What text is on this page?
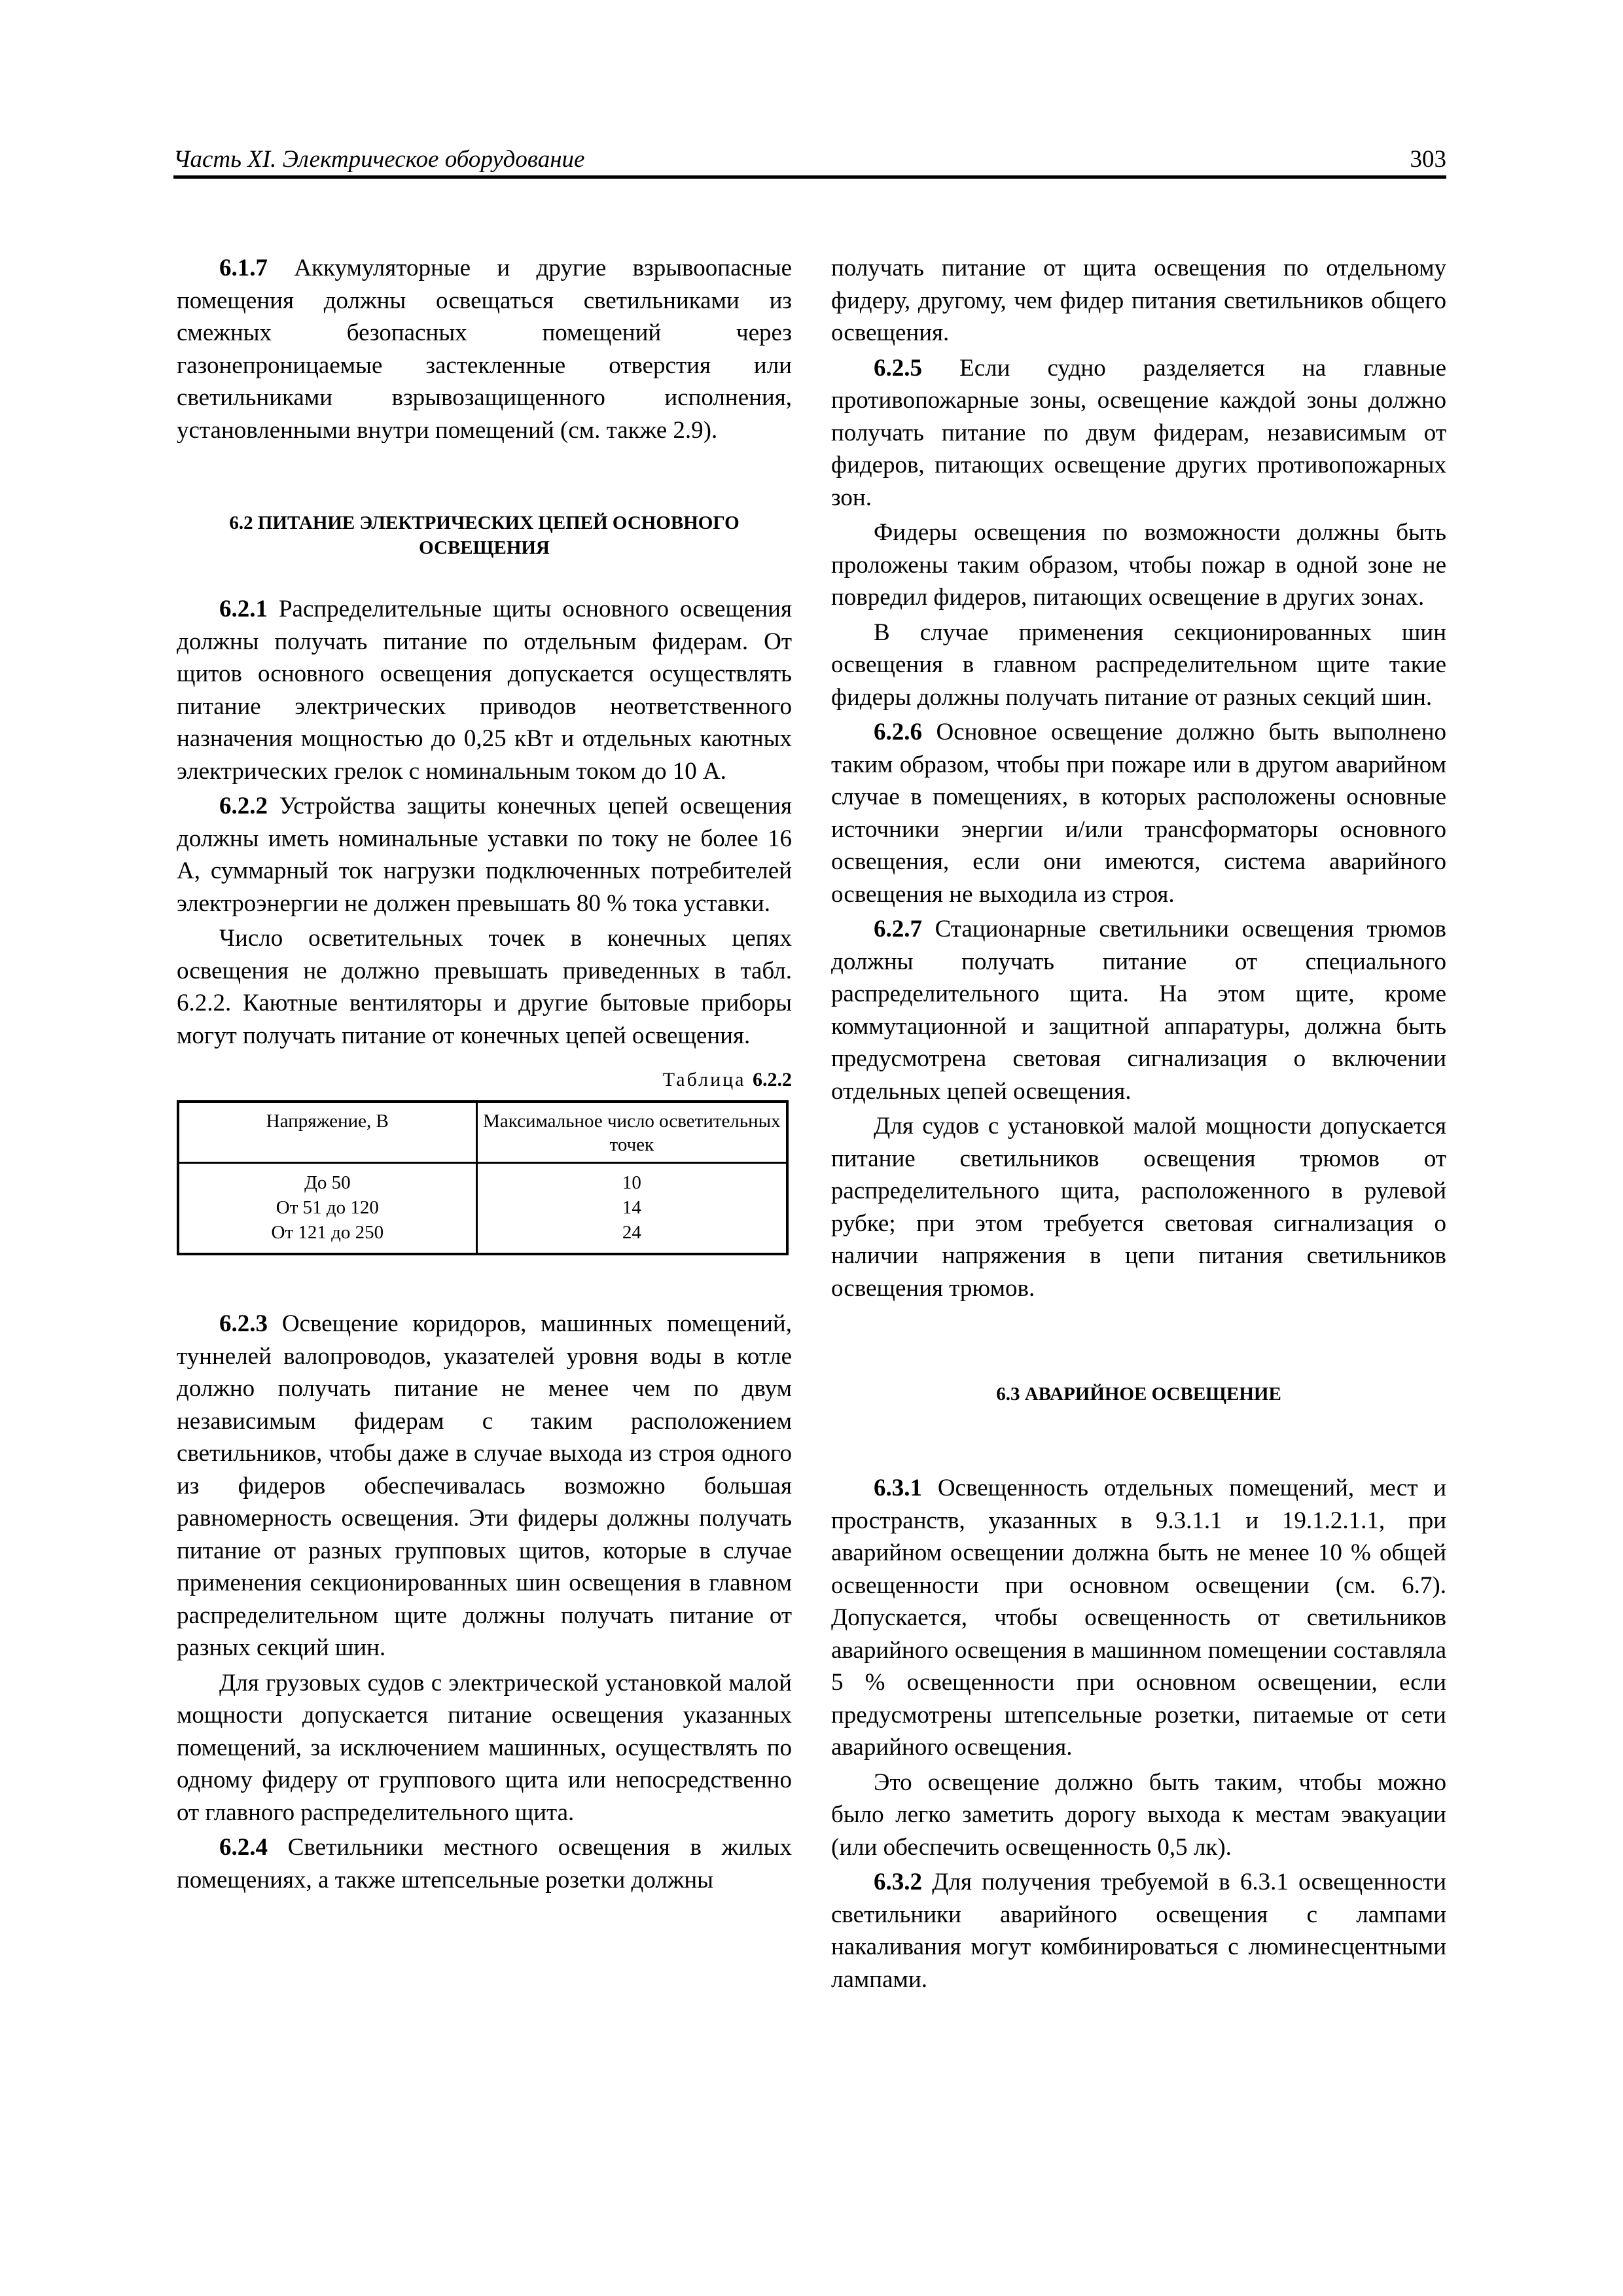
Часть XI. Электрическое оборудование	303

6.1.7 Аккумуляторные и другие взрывоопасные помещения должны освещаться светильниками из смежных безопасных помещений через газонепроницаемые застекленные отверстия или светильниками взрывозащищенного исполнения, установленными внутри помещений (см. также 2.9).

6.2 ПИТАНИЕ ЭЛЕКТРИЧЕСКИХ ЦЕПЕЙ ОСНОВНОГО ОСВЕЩЕНИЯ

6.2.1 Распределительные щиты основного освещения должны получать питание по отдельным фидерам. От щитов основного освещения допускается осуществлять питание электрических приводов неответственного назначения мощностью до 0,25 кВт и отдельных каютных электрических грелок с номинальным током до 10 А.

6.2.2 Устройства защиты конечных цепей освещения должны иметь номинальные уставки по току не более 16 А, суммарный ток нагрузки подключенных потребителей электроэнергии не должен превышать 80 % тока уставки.

Число осветительных точек в конечных цепях освещения не должно превышать приведенных в табл. 6.2.2. Каютные вентиляторы и другие бытовые приборы могут получать питание от конечных цепей освещения.

Таблица 6.2.2
Напряжение, В	Максимальное число осветительных точек
До 50	10
От 51 до 120	14
От 121 до 250	24

6.2.3 Освещение коридоров, машинных помещений, туннелей валопроводов, указателей уровня воды в котле должно получать питание не менее чем по двум независимым фидерам с таким расположением светильников, чтобы даже в случае выхода из строя одного из фидеров обеспечивалась возможно большая равномерность освещения. Эти фидеры должны получать питание от разных групповых щитов, которые в случае применения секционированных шин освещения в главном распределительном щите должны получать питание от разных секций шин.

Для грузовых судов с электрической установкой малой мощности допускается питание освещения указанных помещений, за исключением машинных, осуществлять по одному фидеру от группового щита или непосредственно от главного распределительного щита.

6.2.4 Светильники местного освещения в жилых помещениях, а также штепсельные розетки должны

получать питание от щита освещения по отдельному фидеру, другому, чем фидер питания светильников общего освещения.

6.2.5 Если судно разделяется на главные противопожарные зоны, освещение каждой зоны должно получать питание по двум фидерам, независимым от фидеров, питающих освещение других противопожарных зон.

Фидеры освещения по возможности должны быть проложены таким образом, чтобы пожар в одной зоне не повредил фидеров, питающих освещение в других зонах.

В случае применения секционированных шин освещения в главном распределительном щите такие фидеры должны получать питание от разных секций шин.

6.2.6 Основное освещение должно быть выполнено таким образом, чтобы при пожаре или в другом аварийном случае в помещениях, в которых расположены основные источники энергии и/или трансформаторы основного освещения, если они имеются, система аварийного освещения не выходила из строя.

6.2.7 Стационарные светильники освещения трюмов должны получать питание от специального распределительного щита. На этом щите, кроме коммутационной и защитной аппаратуры, должна быть предусмотрена световая сигнализация о включении отдельных цепей освещения.

Для судов с установкой малой мощности допускается питание светильников освещения трюмов от распределительного щита, расположенного в рулевой рубке; при этом требуется световая сигнализация о наличии напряжения в цепи питания светильников освещения трюмов.

6.3 АВАРИЙНОЕ ОСВЕЩЕНИЕ

6.3.1 Освещенность отдельных помещений, мест и пространств, указанных в 9.3.1.1 и 19.1.2.1.1, при аварийном освещении должна быть не менее 10 % общей освещенности при основном освещении (см. 6.7). Допускается, чтобы освещенность от светильников аварийного освещения в машинном помещении составляла 5 % освещенности при основном освещении, если предусмотрены штепсельные розетки, питаемые от сети аварийного освещения.

Это освещение должно быть таким, чтобы можно было легко заметить дорогу выхода к местам эвакуации (или обеспечить освещенность 0,5 лк).

6.3.2 Для получения требуемой в 6.3.1 освещенности светильники аварийного освещения с лампами накаливания могут комбинироваться с люминесцентными лампами.
